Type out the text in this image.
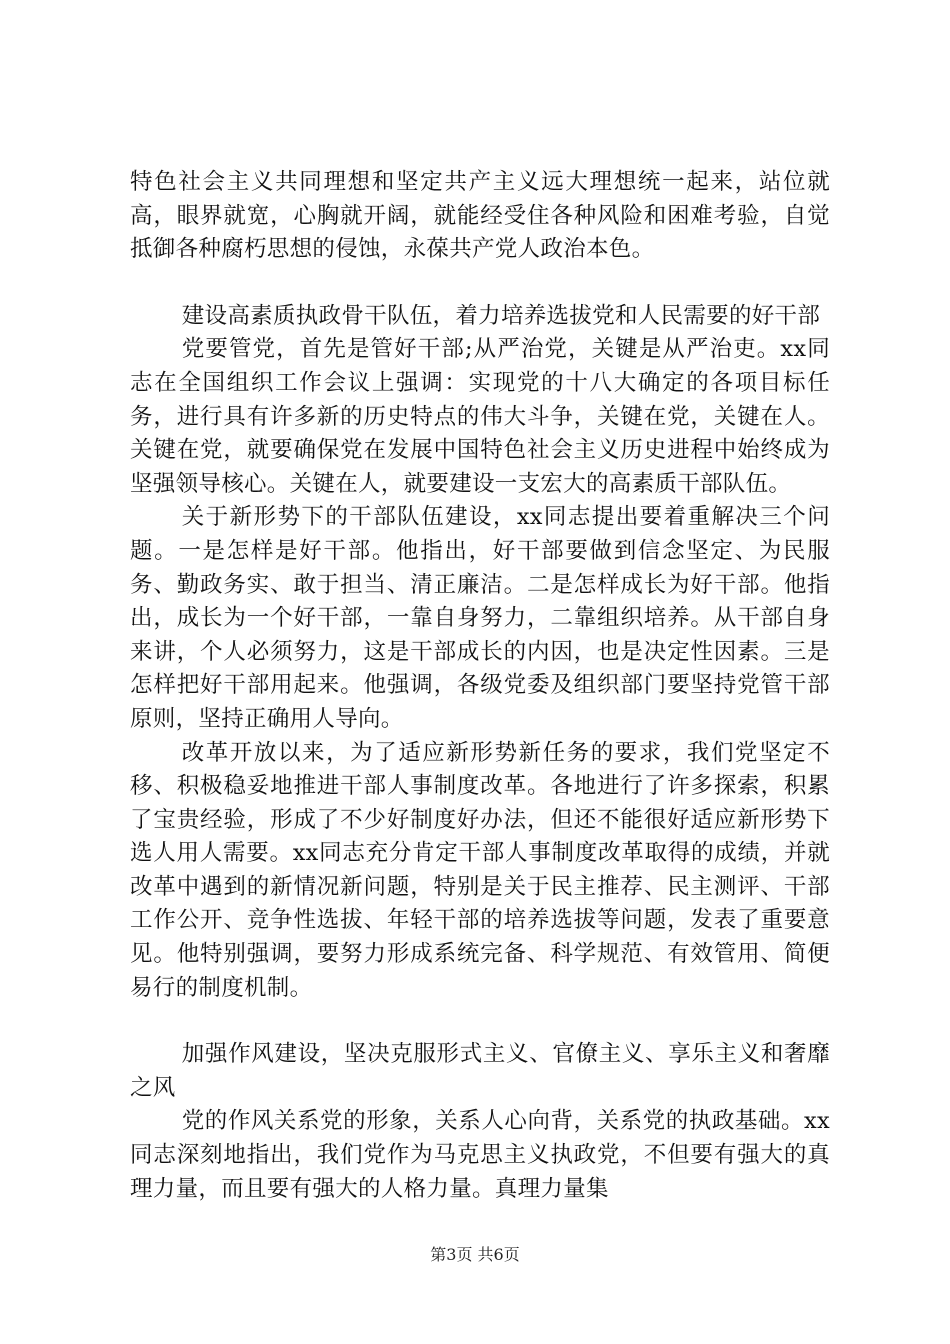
特色社会主义共同理想和坚定共产主义远大理想统一起来，站位就高，眼界就宽，心胸就开阔，就能经受住各种风险和困难考验，自觉抵御各种腐朽思想的侵蚀，永葆共产党人政治本色。

建设高素质执政骨干队伍，着力培养选拔党和人民需要的好干部

党要管党，首先是管好干部;从严治党，关键是从严治吏。xx同志在全国组织工作会议上强调：实现党的十八大确定的各项目标任务，进行具有许多新的历史特点的伟大斗争，关键在党，关键在人。关键在党，就要确保党在发展中国特色社会主义历史进程中始终成为坚强领导核心。关键在人，就要建设一支宏大的高素质干部队伍。

关于新形势下的干部队伍建设，xx同志提出要着重解决三个问题。一是怎样是好干部。他指出，好干部要做到信念坚定、为民服务、勤政务实、敢于担当、清正廉洁。二是怎样成长为好干部。他指出，成长为一个好干部，一靠自身努力，二靠组织培养。从干部自身来讲，个人必须努力，这是干部成长的内因，也是决定性因素。三是怎样把好干部用起来。他强调，各级党委及组织部门要坚持党管干部原则，坚持正确用人导向。

改革开放以来，为了适应新形势新任务的要求，我们党坚定不移、积极稳妥地推进干部人事制度改革。各地进行了许多探索，积累了宝贵经验，形成了不少好制度好办法，但还不能很好适应新形势下选人用人需要。xx同志充分肯定干部人事制度改革取得的成绩，并就改革中遇到的新情况新问题，特别是关于民主推荐、民主测评、干部工作公开、竞争性选拔、年轻干部的培养选拔等问题，发表了重要意见。他特别强调，要努力形成系统完备、科学规范、有效管用、简便易行的制度机制。

加强作风建设，坚决克服形式主义、官僚主义、享乐主义和奢靡之风

党的作风关系党的形象，关系人心向背，关系党的执政基础。xx同志深刻地指出，我们党作为马克思主义执政党，不但要有强大的真理力量，而且要有强大的人格力量。真理力量集

第3页 共6页
